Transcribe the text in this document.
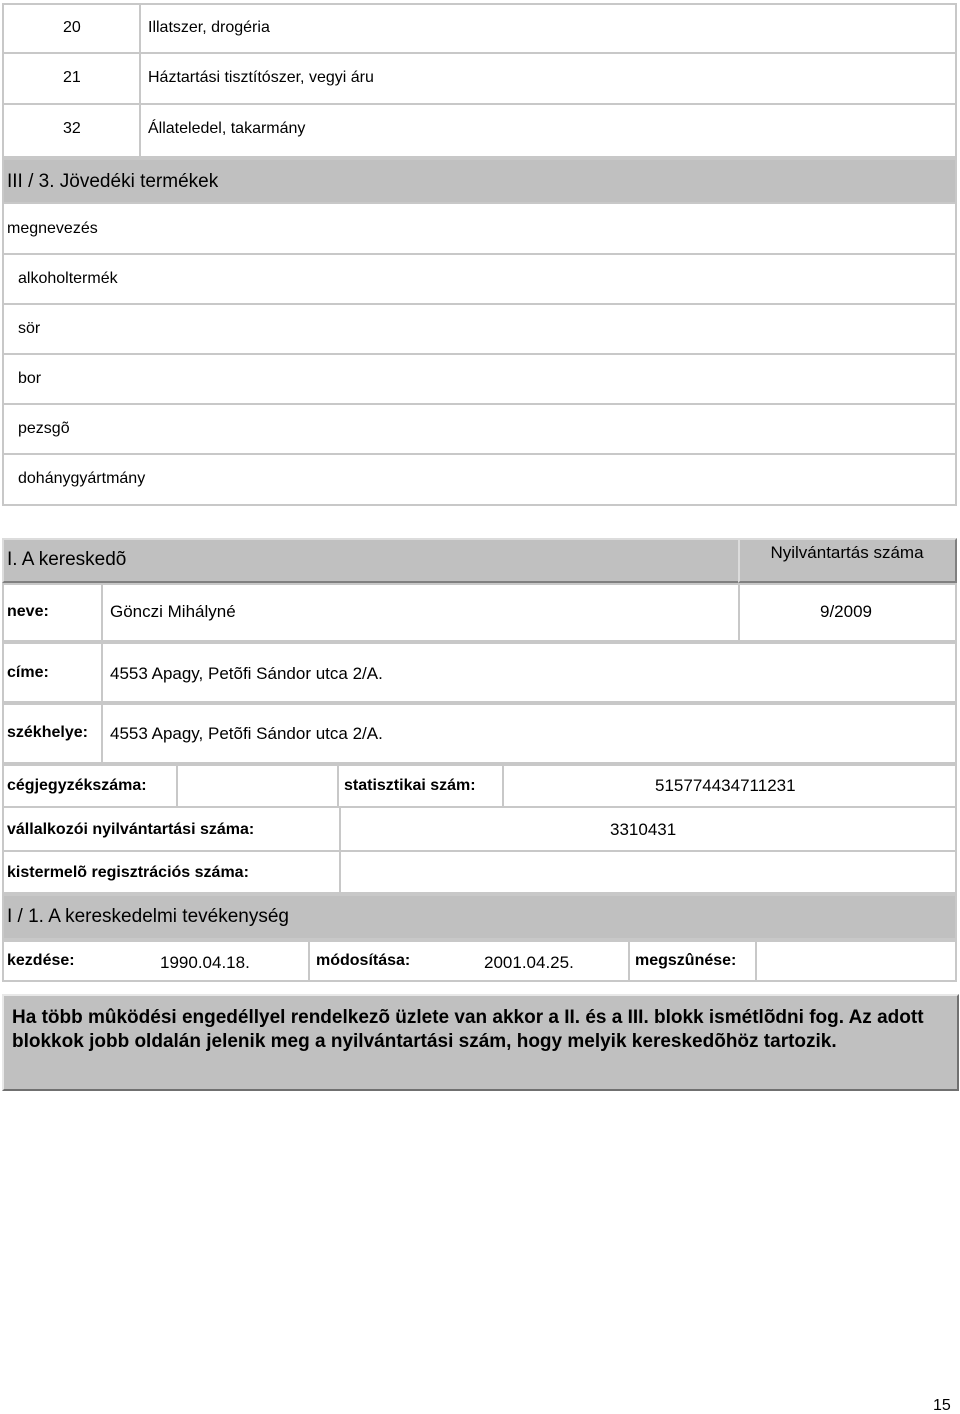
20	Illatszer, drogéria
21	Háztartási tisztítószer, vegyi áru
32	Állateledel, takarmány
III / 3. Jövedéki termékek
megnevezés
alkoholtermék
sör
bor
pezsgõ
dohánygyártmány
I. A kereskedõ	Nyilvántartás száma
neve:	Gönczi Mihályné	9/2009
címe:	4553 Apagy, Petõfi Sándor utca 2/A.
székhelye: 4553 Apagy, Petõfi Sándor utca 2/A.
cégjegyzékszáma:	statisztikai szám:	515774434711231
vállalkozói nyilvántartási száma:	3310431
kistermelõ regisztrációs száma:
I / 1. A kereskedelmi tevékenység
kezdése:	1990.04.18.	módosítása:	2001.04.25.	megszûnése:
Ha több mûködési engedéllyel rendelkezõ üzlete van akkor a II. és a III. blokk ismétlõdni fog. Az adott blokkok jobb oldalán jelenik meg a nyilvántartási szám, hogy melyik kereskedõhöz tartozik.
15
